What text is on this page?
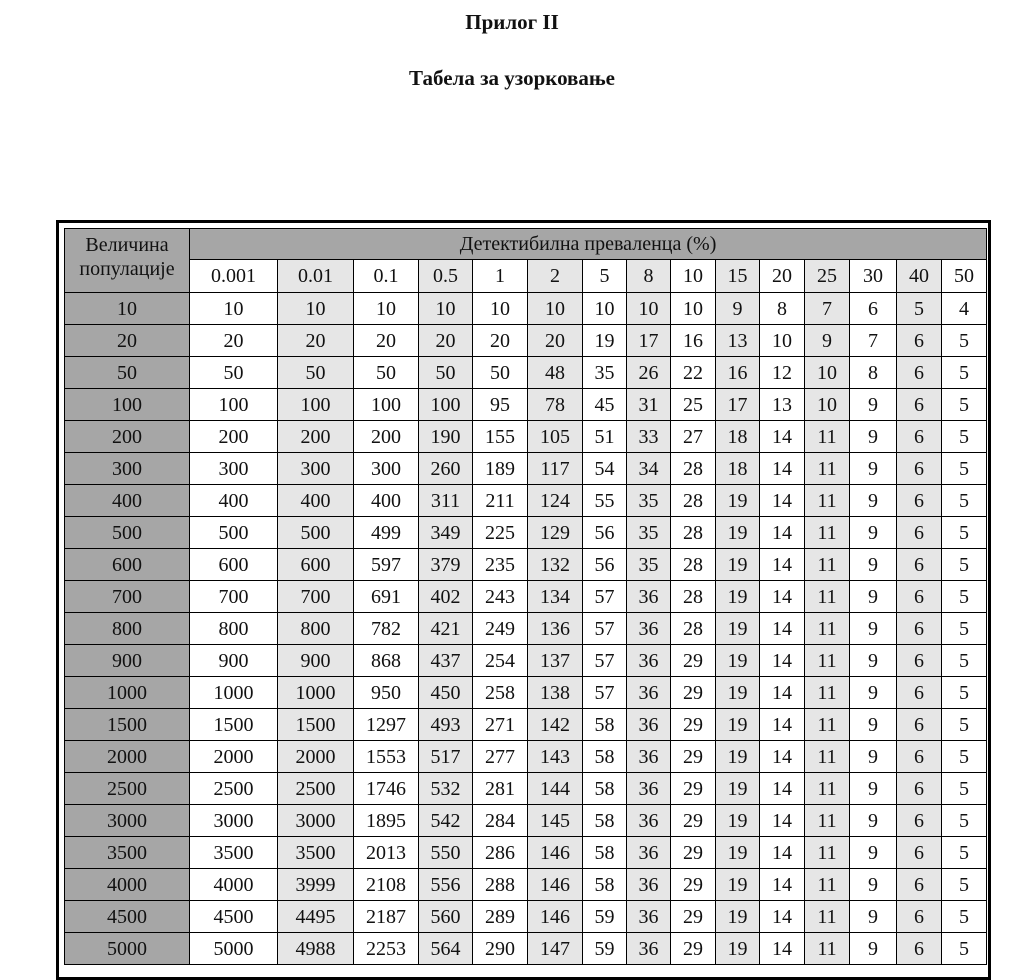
Прилог II
Табела за узорковање
Величина популације	Детектибилна преваленца (%)														
	0.001	0.01	0.1	0.5	1	2	5	8	10	15	20	25	30	40	50
10	10	10	10	10	10	10	10	10	10	9	8	7	6	5	4
20	20	20	20	20	20	20	19	17	16	13	10	9	7	6	5
50	50	50	50	50	50	48	35	26	22	16	12	10	8	6	5
100	100	100	100	100	95	78	45	31	25	17	13	10	9	6	5
200	200	200	200	190	155	105	51	33	27	18	14	11	9	6	5
300	300	300	300	260	189	117	54	34	28	18	14	11	9	6	5
400	400	400	400	311	211	124	55	35	28	19	14	11	9	6	5
500	500	500	499	349	225	129	56	35	28	19	14	11	9	6	5
600	600	600	597	379	235	132	56	35	28	19	14	11	9	6	5
700	700	700	691	402	243	134	57	36	28	19	14	11	9	6	5
800	800	800	782	421	249	136	57	36	28	19	14	11	9	6	5
900	900	900	868	437	254	137	57	36	29	19	14	11	9	6	5
1000	1000	1000	950	450	258	138	57	36	29	19	14	11	9	6	5
1500	1500	1500	1297	493	271	142	58	36	29	19	14	11	9	6	5
2000	2000	2000	1553	517	277	143	58	36	29	19	14	11	9	6	5
2500	2500	2500	1746	532	281	144	58	36	29	19	14	11	9	6	5
3000	3000	3000	1895	542	284	145	58	36	29	19	14	11	9	6	5
3500	3500	3500	2013	550	286	146	58	36	29	19	14	11	9	6	5
4000	4000	3999	2108	556	288	146	58	36	29	19	14	11	9	6	5
4500	4500	4495	2187	560	289	146	59	36	29	19	14	11	9	6	5
5000	5000	4988	2253	564	290	147	59	36	29	19	14	11	9	6	5
